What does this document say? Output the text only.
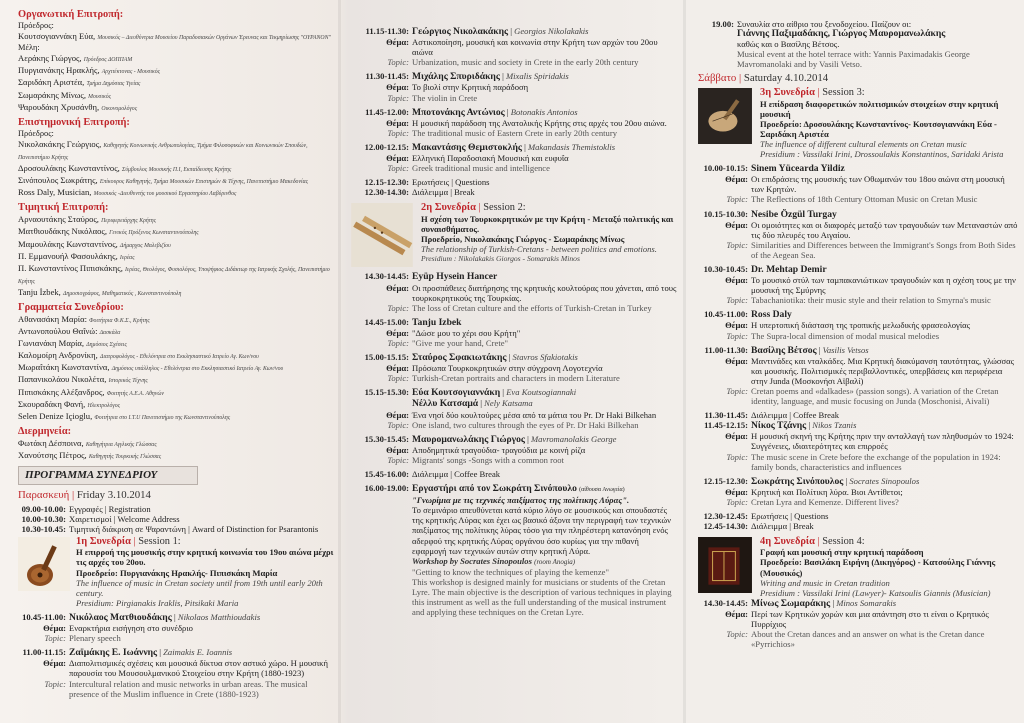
Οργανωτική Επιτροπή:
Πρόεδρος:
Κουτσογιαννάκη Εύα, Μουσικός – Διευθύντρια Μουσείου Παραδοσιακών Οργάνων Έρευνας και Τεκμηρίωσης "ΟΥΡΑΝΟΝ"
Μέλη:
Αεράκης Γιώργος, Πρόεδρος ΔΟΠΠΑΜ
Πυργιανάκης Ηρακλής, Αρχιτέκτονας - Μουσικός
Σαριδάκη Αριστέα, Τμήμα Δημόσιας Υγείας
Σωμαράκης Μίνως, Μουσικός
Ψαρουδάκη Χρυσάνθη, Οικονομολόγος
Επιστημονική Επιτροπή:
Πρόεδρος:
Νικολακάκης Γεώργιος, Καθηγητής Κοινωνικής Ανθρωπολογίας, Τμήμα Φιλοσοφικών και Κοινωνικών Σπουδών, Πανεπιστήμιο Κρήτης
Δροσουλάκης Κωνσταντίνος, Σύμβουλος Μουσικής Π.Ι, Εκπαίδευσης Κρήτης
Σινόπουλος Σωκράτης, Επίκουρος Καθηγητής, Τμήμα Μουσικών Επιστημών & Τέχνης, Πανεπιστήμιο Μακεδονίας
Ross Daly, Musician, Μουσικός -Διευθυντής του μουσικού Εργαστηρίου Λαβύρινθος
Τιμητική Επιτροπή:
Αρναουτάκης Σταύρος, Περιφερειάρχης Κρήτης
Ματθιουδάκης Νικόλαος, Γενικός Πρόξενος Κωνσταντινούπολης
Μαμουλάκης Κωνσταντίνος, Δήμαρχος Μαλεβιζίου
Π. Εμμανουήλ Φασουλάκης, Ιερέας
Π. Κωνσταντίνος Πιπισκάκης, Ιερέας, Θεολόγος, Φυσιολόγος, Υποψήφιος Διδάκτωρ της Ιατρικής Σχολής, Πανεπιστήμιο Κρήτης
Tanju İzbek, Δημοσιογράφος, Μαθηματικός , Κωνσταντινούπολη
Γραμματεία Συνεδρίου:
Αθανασάκη Μαρία: Φοιτήτρια Φ.Κ.Σ., Κρήτης
Αντωνοπούλου Θαΐνώ: Δασκάλα
Γωνιανάκη Μαρία, Δημόσιος Σχέσεις
Καλομοίρη Ανδρονίκη, Διατροφολόγος - Εθελόντρια στο Εκκλησιαστικό Ιατρείο Αγ. Κων/νου
Μωραΐτάκη Κωνσταντίνα, Δημόσιος υπάλληλος - Εθελόντρια στο Εκκλησιαστικό Ιατρείο Αγ. Κων/νου
Παπανικολάου Νικολέτα, Ιστορικός Τέχνης
Πιπισκάκης Αλέξανδρος, Φοιτητής Α.Ε.Α. Αθηνών
Σκουραδάκη Φανή, Ηλεκτρολόγος
Selen Denize Içioglu, Φοιτήτρια στο I.T.U Πανεπιστήμιο της Κωνσταντινούπολης
Διερμηνεία:
Φωτάκη Δέσποινα, Καθηγήτρια Αγγλικής Γλώσσας
Χανούτσης Πέτρος, Καθηγητής Τουρκικής Γλώσσας
ΠΡΟΓΡΑΜΜΑ ΣΥΝΕΔΡΙΟΥ
Παρασκευή | Friday 3.10.2014
09.00-10.00: Εγγραφές | Registration
10.00-10.30: Χαιρετισμοί | Welcome Address
10.30-10.45: Τιμητική διάκριση σε Ψαραντώνη | Award of Distinction for Psarantonis
1η Συνεδρία | Session 1:
Η επιρροή της μουσικής στην κρητική κοινωνία του 19ου αιώνα μέχρι τις αρχές του 20ου.
Προεδρείο: Πυργιανάκης Ηρακλής- Πιπισκάκη Μαρία
The influence of music in Cretan society until from 19th until early 20th century.
Presidium: Pirgianakis Iraklis, Pitsikaki Maria
10.45-11.00: Νικόλαος Ματθιουδάκης | Nikolaos Matthioudakis
Θέμα: Εναρκτήρια εισήγηση στο συνέδριο
Topic: Plenary speech
11.00-11.15: Ζαϊμάκης Ε. Ιωάννης | Zaimakis E. Ioannis
Θέμα: Διαπολιτισμικές σχέσεις και μουσικά δίκτυα στον αστικό χώρο. Η μουσική παρουσία του Μουσουλμανικού Στοιχείου στην Κρήτη (1880-1923)
Topic: Intercultural relation and music networks in urban areas. The musical presence of the Muslim influence in Crete (1880-1923)
11.15-11.30: Γεώργιος Νικολακάκης | Georgios Nikolakakis
Θέμα: Αστικοποίηση, μουσική και κοινωνία στην Κρήτη των αρχών του 20ου αιώνα
Topic: Urbanization, music and society in Crete in the early 20th century
11.30-11.45: Μιχάλης Σπυριδάκης | Mixalis Spiridakis
Θέμα: Το βιολί στην Κρητική παράδοση
Topic: The violin in Crete
11.45-12.00: Μποτονάκης Αντώνιος | Botonakis Antonios
Θέμα: Η μουσική παράδοση της Ανατολικής Κρήτης στις αρχές του 20ου αιώνα.
Topic: The traditional music of Eastern Crete in early 20th century
12.00-12.15: Μακαντάσης Θεμιστοκλής | Makandasis Themistoklis
Θέμα: Ελληνική Παραδοσιακή Μουσική και ευφυΐα
Topic: Greek traditional music and intelligence
12.15-12.30: Ερωτήσεις | Questions
12.30-14.30: Διάλειμμα | Break
2η Συνεδρία | Session 2:
Η σχέση των Τουρκοκρητικών με την Κρήτη - Μεταξύ πολιτικής και συναισθήματος.
Προεδρείο, Νικολακάκης Γιώργος - Σωμαράκης Μίνως
The relationship of Turkish-Cretans - between politics and emotions.
Presidium : Nikolakakis Giorgos - Somarakis Minos
14.30-14.45: Eyüp Hysein Hancer
Θέμα: Οι προσπάθειες διατήρησης της κρητικής κουλτούρας που χάνεται, από τους τουρκοκρητικούς της Τουρκίας.
Topic: The loss of Cretan culture and the efforts of Turkish-Cretan in Turkey
14.45-15.00: Tanju Izbek
Θέμα: "Δώσε μου το χέρι σου Κρήτη"
Topic: "Give me your hand, Crete"
15.00-15.15: Σταύρος Σφακιωτάκης | Stavros Sfakiotakis
Θέμα: Πρόσωπα Τουρκοκρητικών στην σύγχρονη Λογοτεχνία
Topic: Turkish-Cretan portraits and characters in modern Literature
15.15-15.30: Εύα Κουτσογιαννάκη | Eva Koutsogiannaki
Νέλλυ Κατσαμά | Nely Katsama
Θέμα: Ένα νησί δύο κουλτούρες μέσα από τα μάτια του Pr. Dr Haki Bilkehan
Topic: One island, two cultures through the eyes of Pr. Dr Haki Bilkehan
15.30-15.45: Μαυρομανωλάκης Γιώργος | Mavromanolakis George
Θέμα: Αποδημητικά τραγούδια- τραγούδια με κοινή ρίζα
Topic: Migrants' songs -Songs with a common root
15.45-16.00: Διάλειμμα | Coffee Break
16.00-19.00: Εργαστήρι από τον Σωκράτη Σινόπουλο (αίθουσα Ανωγεία)
"Γνωρίμια με τις τεχνικές παιξίματος της πολίτικης Λύρας".
Το σεμινάριο απευθύνεται κατά κύριο λόγο σε μουσικούς και σπουδαστές της κρητικής Λύρας και έχει ως βασικό άξονα την περιγραφή των τεχνικών παιξίματος της πολίτικης λύρας τόσο για την πληρέστερη κατανόηση ενός αδερφού της κρητικής Λύρας οργάνου όσο κυρίως για την πιθανή εφαρμογή των τεχνικών αυτών στην κρητική Λύρα.
Workshop by Socrates Sinopoulos (room Anogia)
"Getting to know the techniques of playing the kemenze"
This workshop is designed mainly for musicians or students of the Cretan Lyre. The main objective is the description of various techniques in playing this instrument as well as the full understanding of the musical instrument and applying these techniques on the Cretan Lyre.
19.00: Συναυλία στο αίθριο του ξενοδοχείου. Παίζουν οι:
Γιάννης Παξιμαδάκης, Γιώργος Μαυρομανωλάκης
καθώς και ο Βασίλης Βέτσος.
Musical event at the hotel terrace with: Yannis Paximadakis George Mavromanolaki and by Vasili Vetso.
Σάββατο | Saturday 4.10.2014
3η Συνεδρία | Session 3:
Η επίδραση διαφορετικών πολιτισμικών στοιχείων στην κρητική μουσική
Προεδρείο: Δροσουλάκης Κωνσταντίνος- Κουτσογιαννάκη Εύα - Σαριδάκη Αριστέα
The influence of different cultural elements on Cretan music
Presidium : Vassilaki Irini, Drossoulakis Konstantinos, Saridaki Arista
10.00-10.15: Sinem Yücearda Yildiz
Θέμα: Οι επιδράσεις της μουσικής των Οθωμανών του 18ου αιώνα στη μουσική των Κρητών.
Topic: The Reflections of 18th Century Ottoman Music on Cretan Music
10.15-10.30: Nesibe Özgül Turgay
Θέμα: Οι ομοιότητες και οι διαφορές μεταξύ των τραγουδιών των Μεταναστών από τις δύο πλευρές του Αιγαίου.
Topic: Similarities and Differences between the Immigrant's Songs from Both Sides of the Aegean Sea.
10.30-10.45: Dr. Mehtap Demir
Θέμα: Το μουσικό στύλ των ταμπακανιώτικων τραγουδιών και η σχέση τους με την μουσική της Σμύρνης
Topic: Tabachaniotika: their music style and their relation to Smyrna's music
10.45-11.00: Ross Daly
Θέμα: Η υπερτοπική διάσταση της τροπικής μελωδικής φρασεολογίας
Topic: The Supra-local dimension of modal musical melodies
11.00-11.30: Βασίλης Βέτσος | Vasilis Vetsos
Θέμα: Μαντινάδες και νταλκάδες. Μια Κρητική διακύμανση ταυτότητας, γλώσσας και μουσικής. Πολιτισμικές περιβαλλοντικές, υπερβάσεις και περιφέρεια στην Junda (Μοσκονήσι Αϊβαλί)
Topic: Cretan poems and «dalkades» (passion songs). A variation of the Cretan identity, language, and music focusing on Junda (Moschonisi, Aivali)
11.30-11.45: Διάλειμμα | Coffee Break
11.45-12.15: Νίκος Τζάνης | Nikos Tzanis
Θέμα: Η μουσική σκηνή της Κρήτης πριν την ανταλλαγή των πληθυσμών το 1924: Συγγένειες, ιδιαιτερότητες και επιρροές
Topic: The music scene in Crete before the exchange of the population in 1924: family bonds, characteristics and influences
12.15-12.30: Σωκράτης Σινόπουλος | Socrates Sinopoulos
Θέμα: Κρητική και Πολίτικη λύρα. Βιοι Αντίθετοι;
Topic: Cretan Lyra and Kemenze. Different lives?
12.30-12.45: Ερωτήσεις | Questions
12.45-14.30: Διάλειμμα | Break
4η Συνεδρία | Session 4:
Γραφή και μουσική στην κρητική παράδοση
Προεδρείο: Βασιλάκη Ειρήνη (Δικηγόρος) - Κατσούλης Γιάννης (Μουσικός)
Writing and music in Cretan tradition
Presidium : Vassilaki Irini (Lawyer)- Katsoulis Giannis (Musician)
14.30-14.45: Μίνως Σωμαράκης | Minos Somarakis
Θέμα: Περί των Κρητικών χορών και μια απάντηση στο τι είναι ο Κρητικός Πυρρίχιος
Topic: About the Cretan dances and an answer on what is the Cretan dance «Pyrrichios»
